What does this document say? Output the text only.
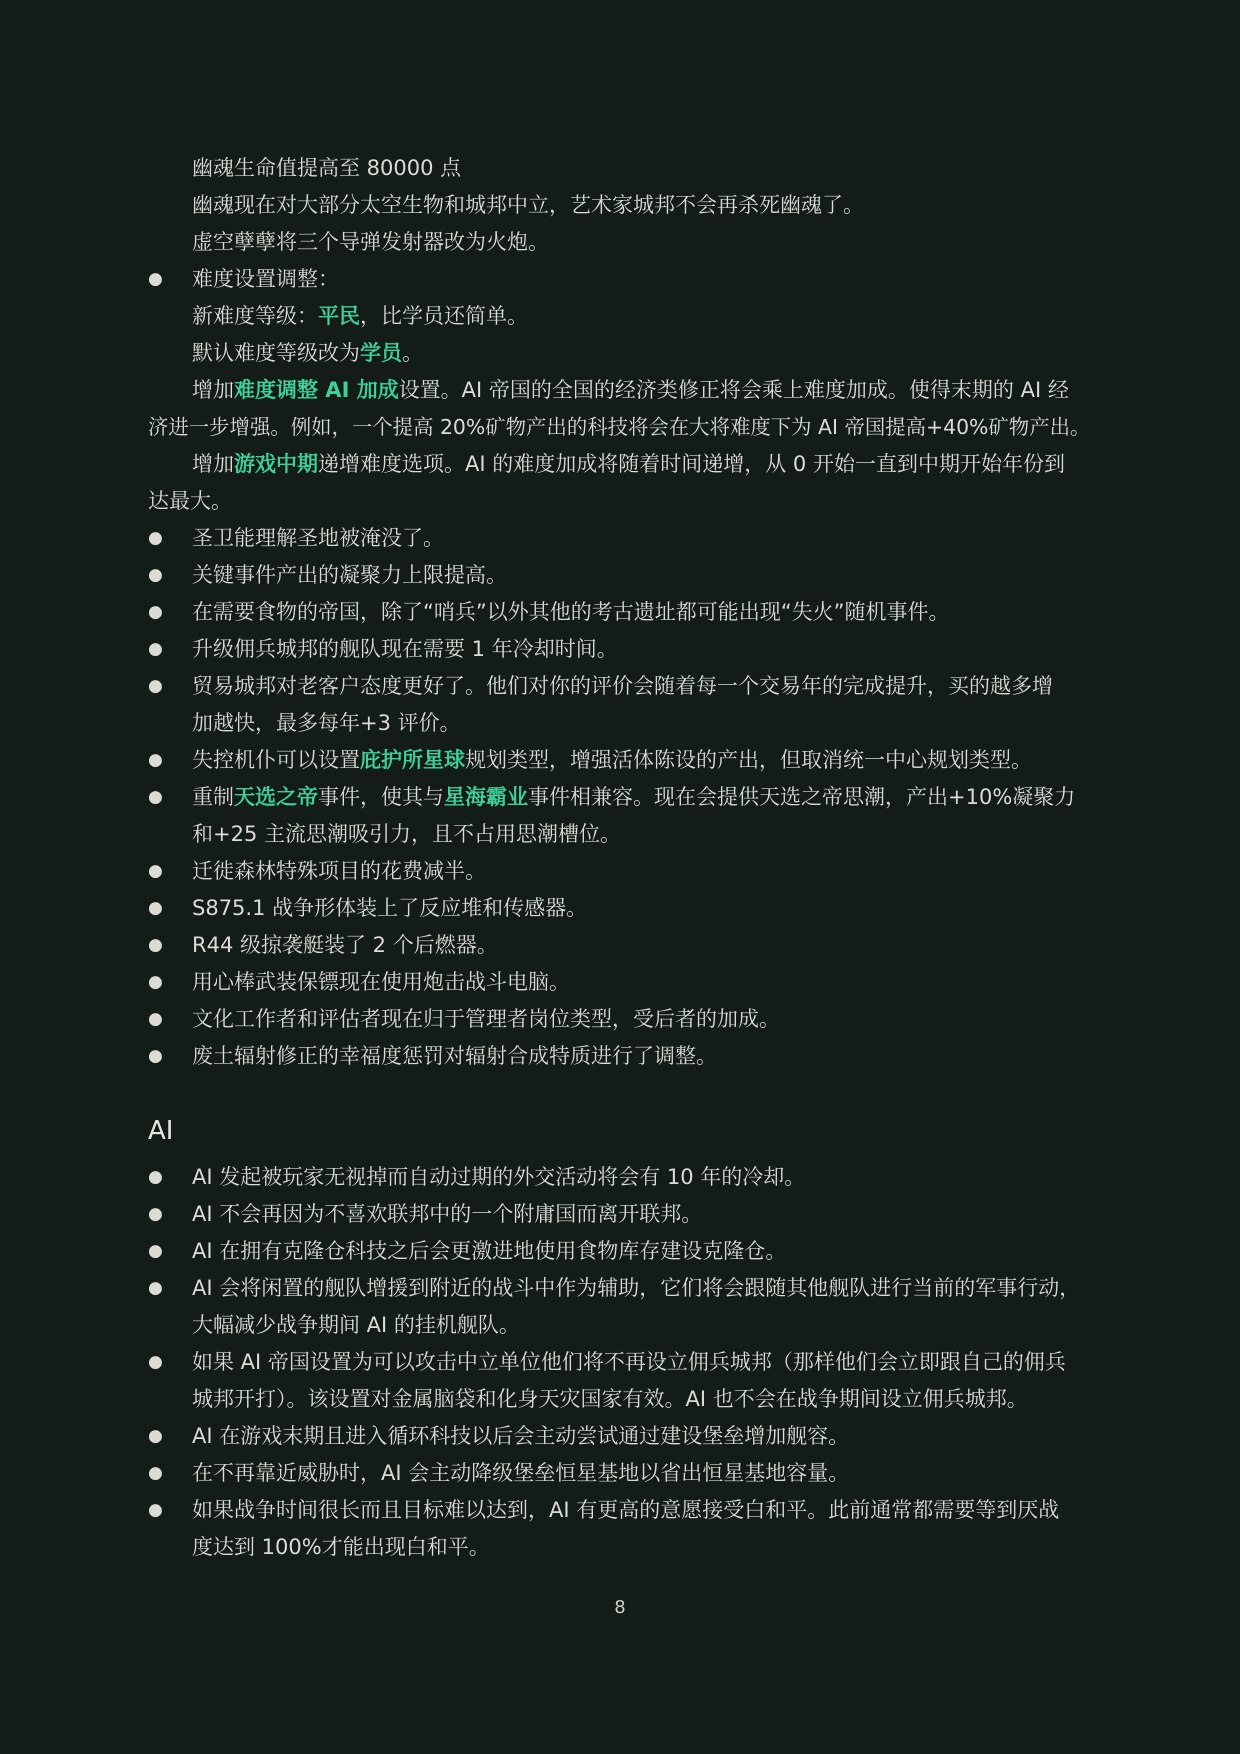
幽魂生命值提高至 80000 点
幽魂现在对大部分太空生物和城邦中立，艺术家城邦不会再杀死幽魂了。
虚空孽孽将三个导弹发射器改为火炮。
● 难度设置调整：
新难度等级：平民，比学员还简单。
默认难度等级改为学员。
增加难度调整 AI 加成设置。AI 帝国的全国的经济类修正将会乘上难度加成。使得末期的 AI 经
济进一步增强。例如，一个提高 20%矿物产出的科技将会在大将难度下为 AI 帝国提高+40%矿物产出。
增加游戏中期递增难度选项。AI 的难度加成将随着时间递增，从 0 开始一直到中期开始年份到
达最大。
● 圣卫能理解圣地被淹没了。
● 关键事件产出的凝聚力上限提高。
● 在需要食物的帝国，除了“哨兵”以外其他的考古遗址都可能出现“失火”随机事件。
● 升级佣兵城邦的舰队现在需要 1 年冷却时间。
● 贸易城邦对老客户态度更好了。他们对你的评价会随着每一个交易年的完成提升，买的越多增
加越快，最多每年+3 评价。
● 失控机仆可以设置庇护所星球规划类型，增强活体陈设的产出，但取消统一中心规划类型。
● 重制天选之帝事件，使其与星海霸业事件相兼容。现在会提供天选之帝思潮，产出+10%凝聚力
和+25 主流思潮吸引力，且不占用思潮槽位。
● 迁徙森林特殊项目的花费减半。
● S875.1 战争形体装上了反应堆和传感器。
● R44 级掠袭艇装了 2 个后燃器。
● 用心棒武装保镖现在使用炮击战斗电脑。
● 文化工作者和评估者现在归于管理者岗位类型，受后者的加成。
● 废土辐射修正的幸福度惩罚对辐射合成特质进行了调整。
AI
● AI 发起被玩家无视掉而自动过期的外交活动将会有 10 年的冷却。
● AI 不会再因为不喜欢联邦中的一个附庸国而离开联邦。
● AI 在拥有克隆仓科技之后会更激进地使用食物库存建设克隆仓。
● AI 会将闲置的舰队增援到附近的战斗中作为辅助，它们将会跟随其他舰队进行当前的军事行动，
大幅减少战争期间 AI 的挂机舰队。
● 如果 AI 帝国设置为可以攻击中立单位他们将不再设立佣兵城邦（那样他们会立即跟自己的佣兵
城邦开打）。该设置对金属脑袋和化身天灾国家有效。AI 也不会在战争期间设立佣兵城邦。
● AI 在游戏末期且进入循环科技以后会主动尝试通过建设堡垒增加舰容。
● 在不再靠近威胁时，AI 会主动降级堡垒恒星基地以省出恒星基地容量。
● 如果战争时间很长而且目标难以达到，AI 有更高的意愿接受白和平。此前通常都需要等到厌战
度达到 100%才能出现白和平。
8
